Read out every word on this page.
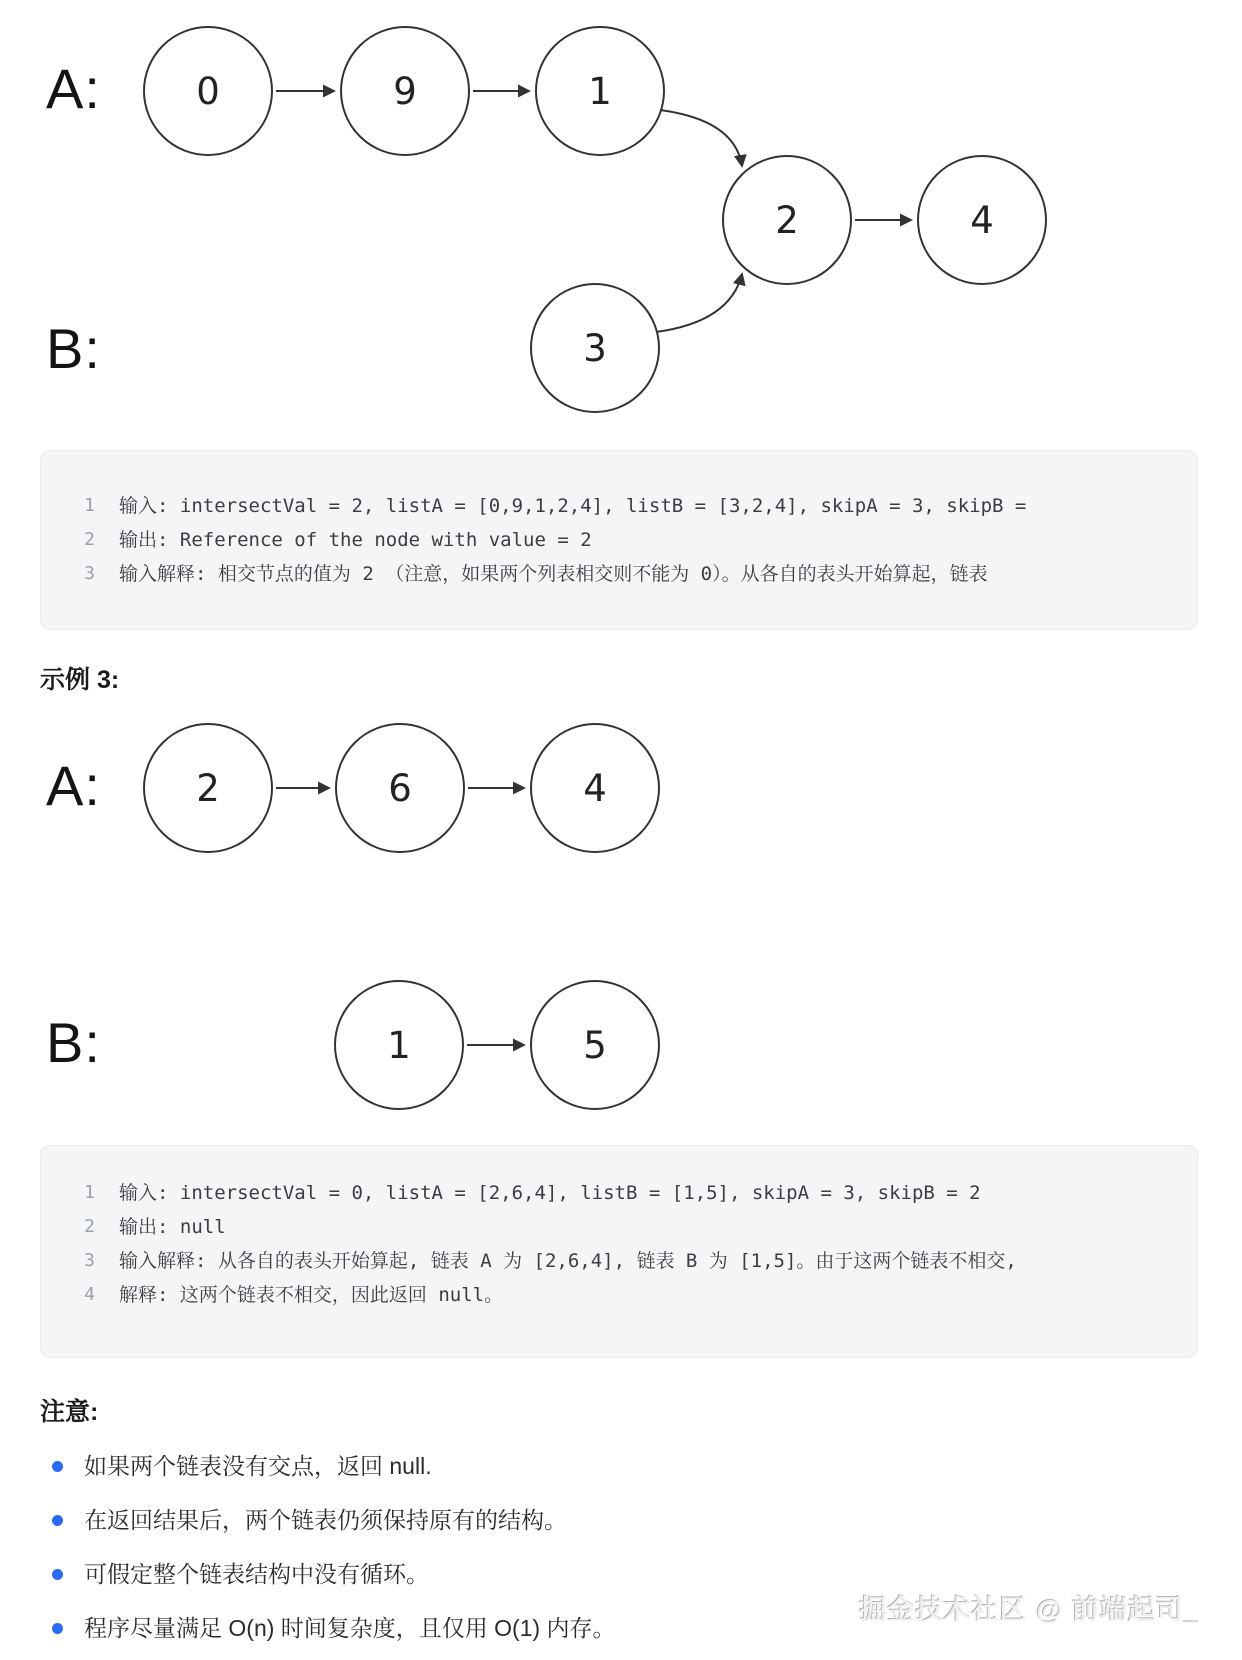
A:	0	9	1
2	4
B:	3
1	输入: intersectVal = 2, listA = [0,9,1,2,4], listB = [3,2,4], skipA = 3, skipB =
2	输出: Reference of the node with value = 2
3	输入解释: 相交节点的值为 2 （注意，如果两个列表相交则不能为 0）。从各自的表头开始算起，链表
示例 3:
A:	2	6	4
B:	1	5
1	输入: intersectVal = 0, listA = [2,6,4], listB = [1,5], skipA = 3, skipB = 2
2	输出: null
3	输入解释: 从各自的表头开始算起, 链表 A 为 [2,6,4], 链表 B 为 [1,5]。由于这两个链表不相交,
4	解释: 这两个链表不相交，因此返回 null。
注意:
如果两个链表没有交点，返回 null.
在返回结果后，两个链表仍须保持原有的结构。
可假定整个链表结构中没有循环。
程序尽量满足 O(n) 时间复杂度，且仅用 O(1) 内存。
掘金技术社区 @ 前端起司_
